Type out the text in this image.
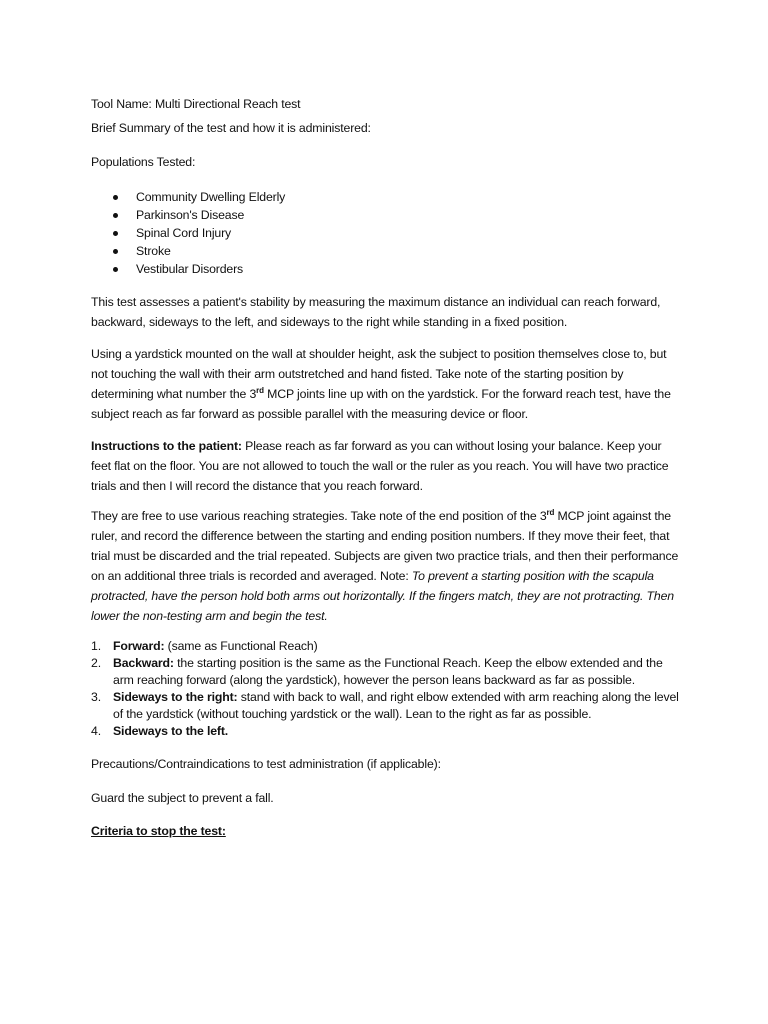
Tool Name: Multi Directional Reach test

Brief Summary of the test and how it is administered:

Populations Tested:

Community Dwelling Elderly
Parkinson's Disease
Spinal Cord Injury
Stroke
Vestibular Disorders

This test assesses a patient's stability by measuring the maximum distance an individual can reach forward, backward, sideways to the left, and sideways to the right while standing in a fixed position.

Using a yardstick mounted on the wall at shoulder height, ask the subject to position themselves close to, but not touching the wall with their arm outstretched and hand fisted. Take note of the starting position by determining what number the 3rd MCP joints line up with on the yardstick. For the forward reach test, have the subject reach as far forward as possible parallel with the measuring device or floor.

Instructions to the patient: Please reach as far forward as you can without losing your balance. Keep your feet flat on the floor. You are not allowed to touch the wall or the ruler as you reach. You will have two practice trials and then I will record the distance that you reach forward.

They are free to use various reaching strategies. Take note of the end position of the 3rd MCP joint against the ruler, and record the difference between the starting and ending position numbers. If they move their feet, that trial must be discarded and the trial repeated. Subjects are given two practice trials, and then their performance on an additional three trials is recorded and averaged. Note: To prevent a starting position with the scapula protracted, have the person hold both arms out horizontally. If the fingers match, they are not protracting. Then lower the non-testing arm and begin the test.

1. Forward: (same as Functional Reach)
2. Backward: the starting position is the same as the Functional Reach. Keep the elbow extended and the arm reaching forward (along the yardstick), however the person leans backward as far as possible.
3. Sideways to the right: stand with back to wall, and right elbow extended with arm reaching along the level of the yardstick (without touching yardstick or the wall). Lean to the right as far as possible.
4. Sideways to the left.

Precautions/Contraindications to test administration (if applicable):

Guard the subject to prevent a fall.

Criteria to stop the test:
